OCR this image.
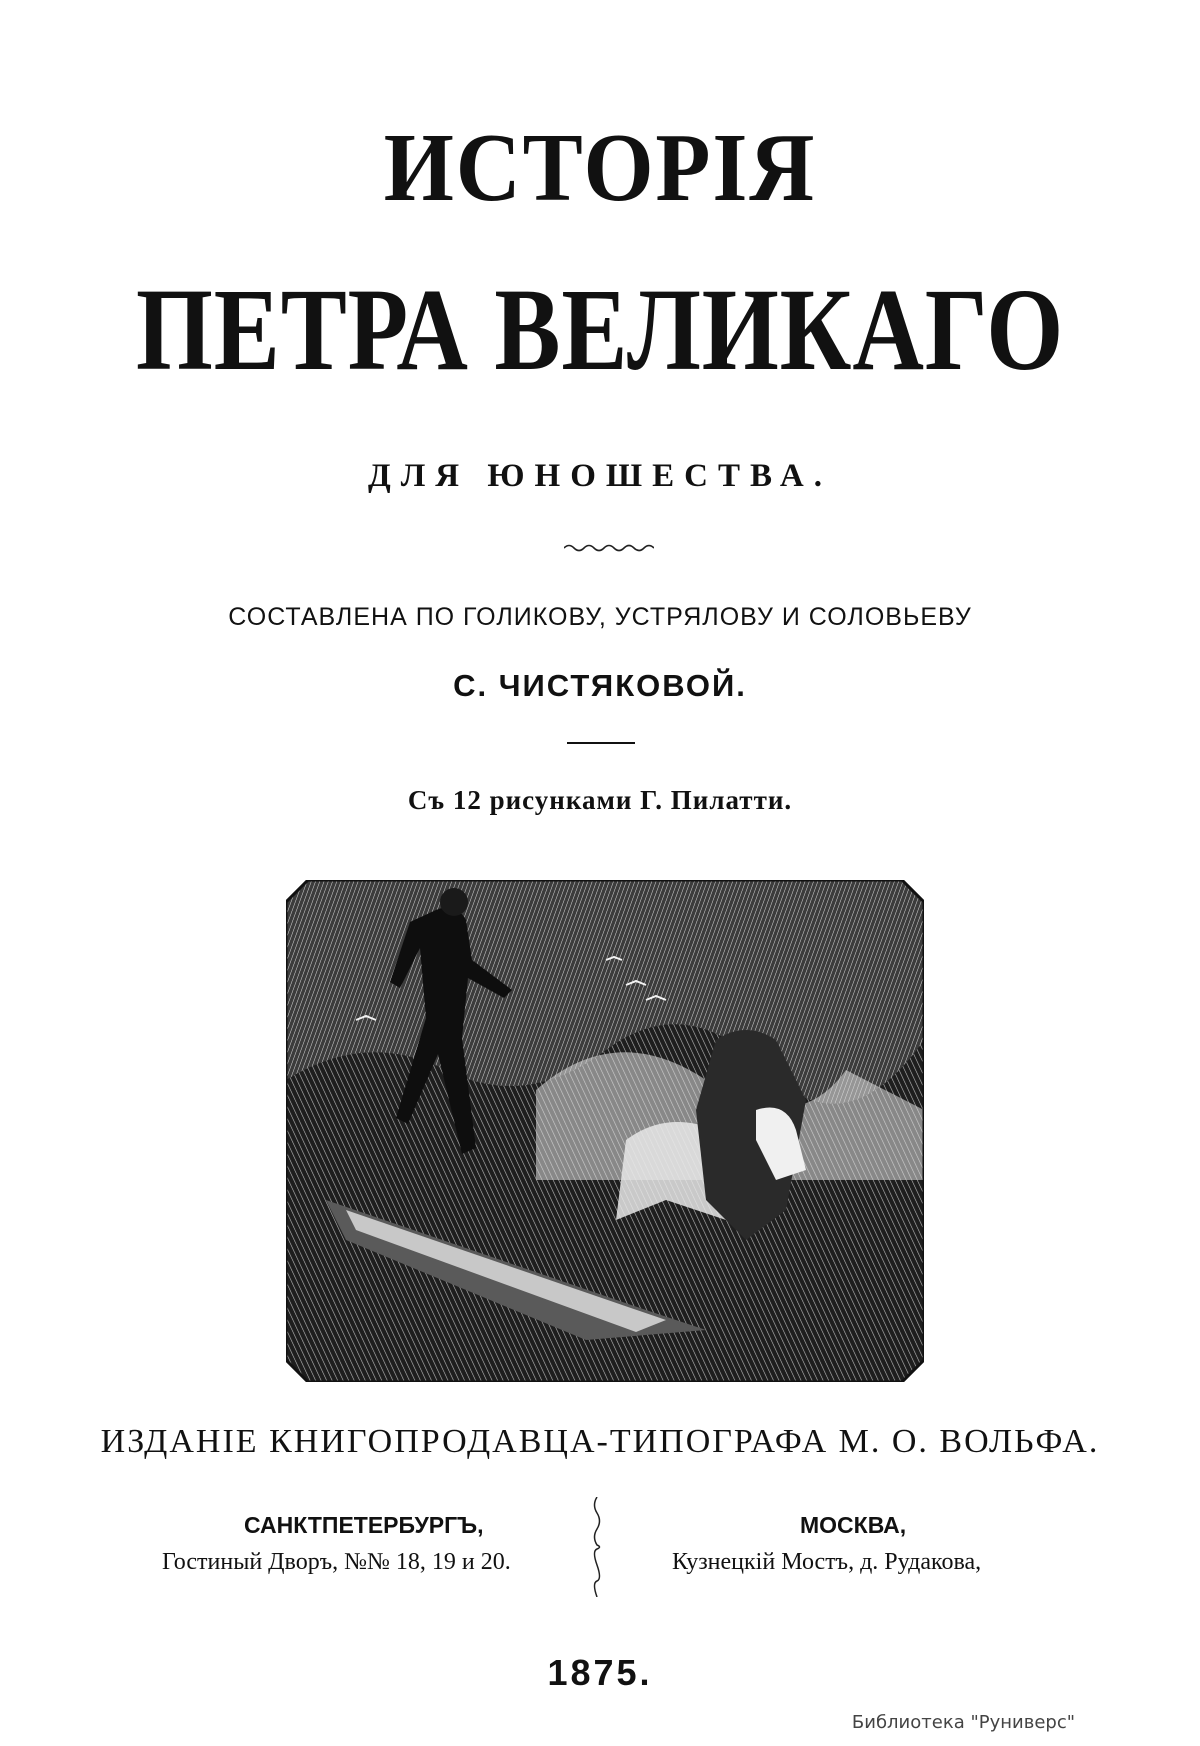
ИСТОРІЯ
ПЕТРА ВЕЛИКАГО
ДЛЯ ЮНОШЕСТВА.
СОСТАВЛЕНА ПО ГОЛИКОВУ, УСТРЯЛОВУ И СОЛОВЬЕВУ
С. ЧИСТЯКОВОЙ.
Съ 12 рисунками Г. Пилатти.
ИЗДАНІЕ КНИГОПРОДАВЦА-ТИПОГРАФА М. О. ВОЛЬФА.
САНКТПЕТЕРБУРГЪ,
Гостиный Дворъ, №№ 18, 19 и 20.
МОСКВА,
Кузнецкій Мостъ, д. Рудакова,
1875.
Библиотека "Руниверс"
